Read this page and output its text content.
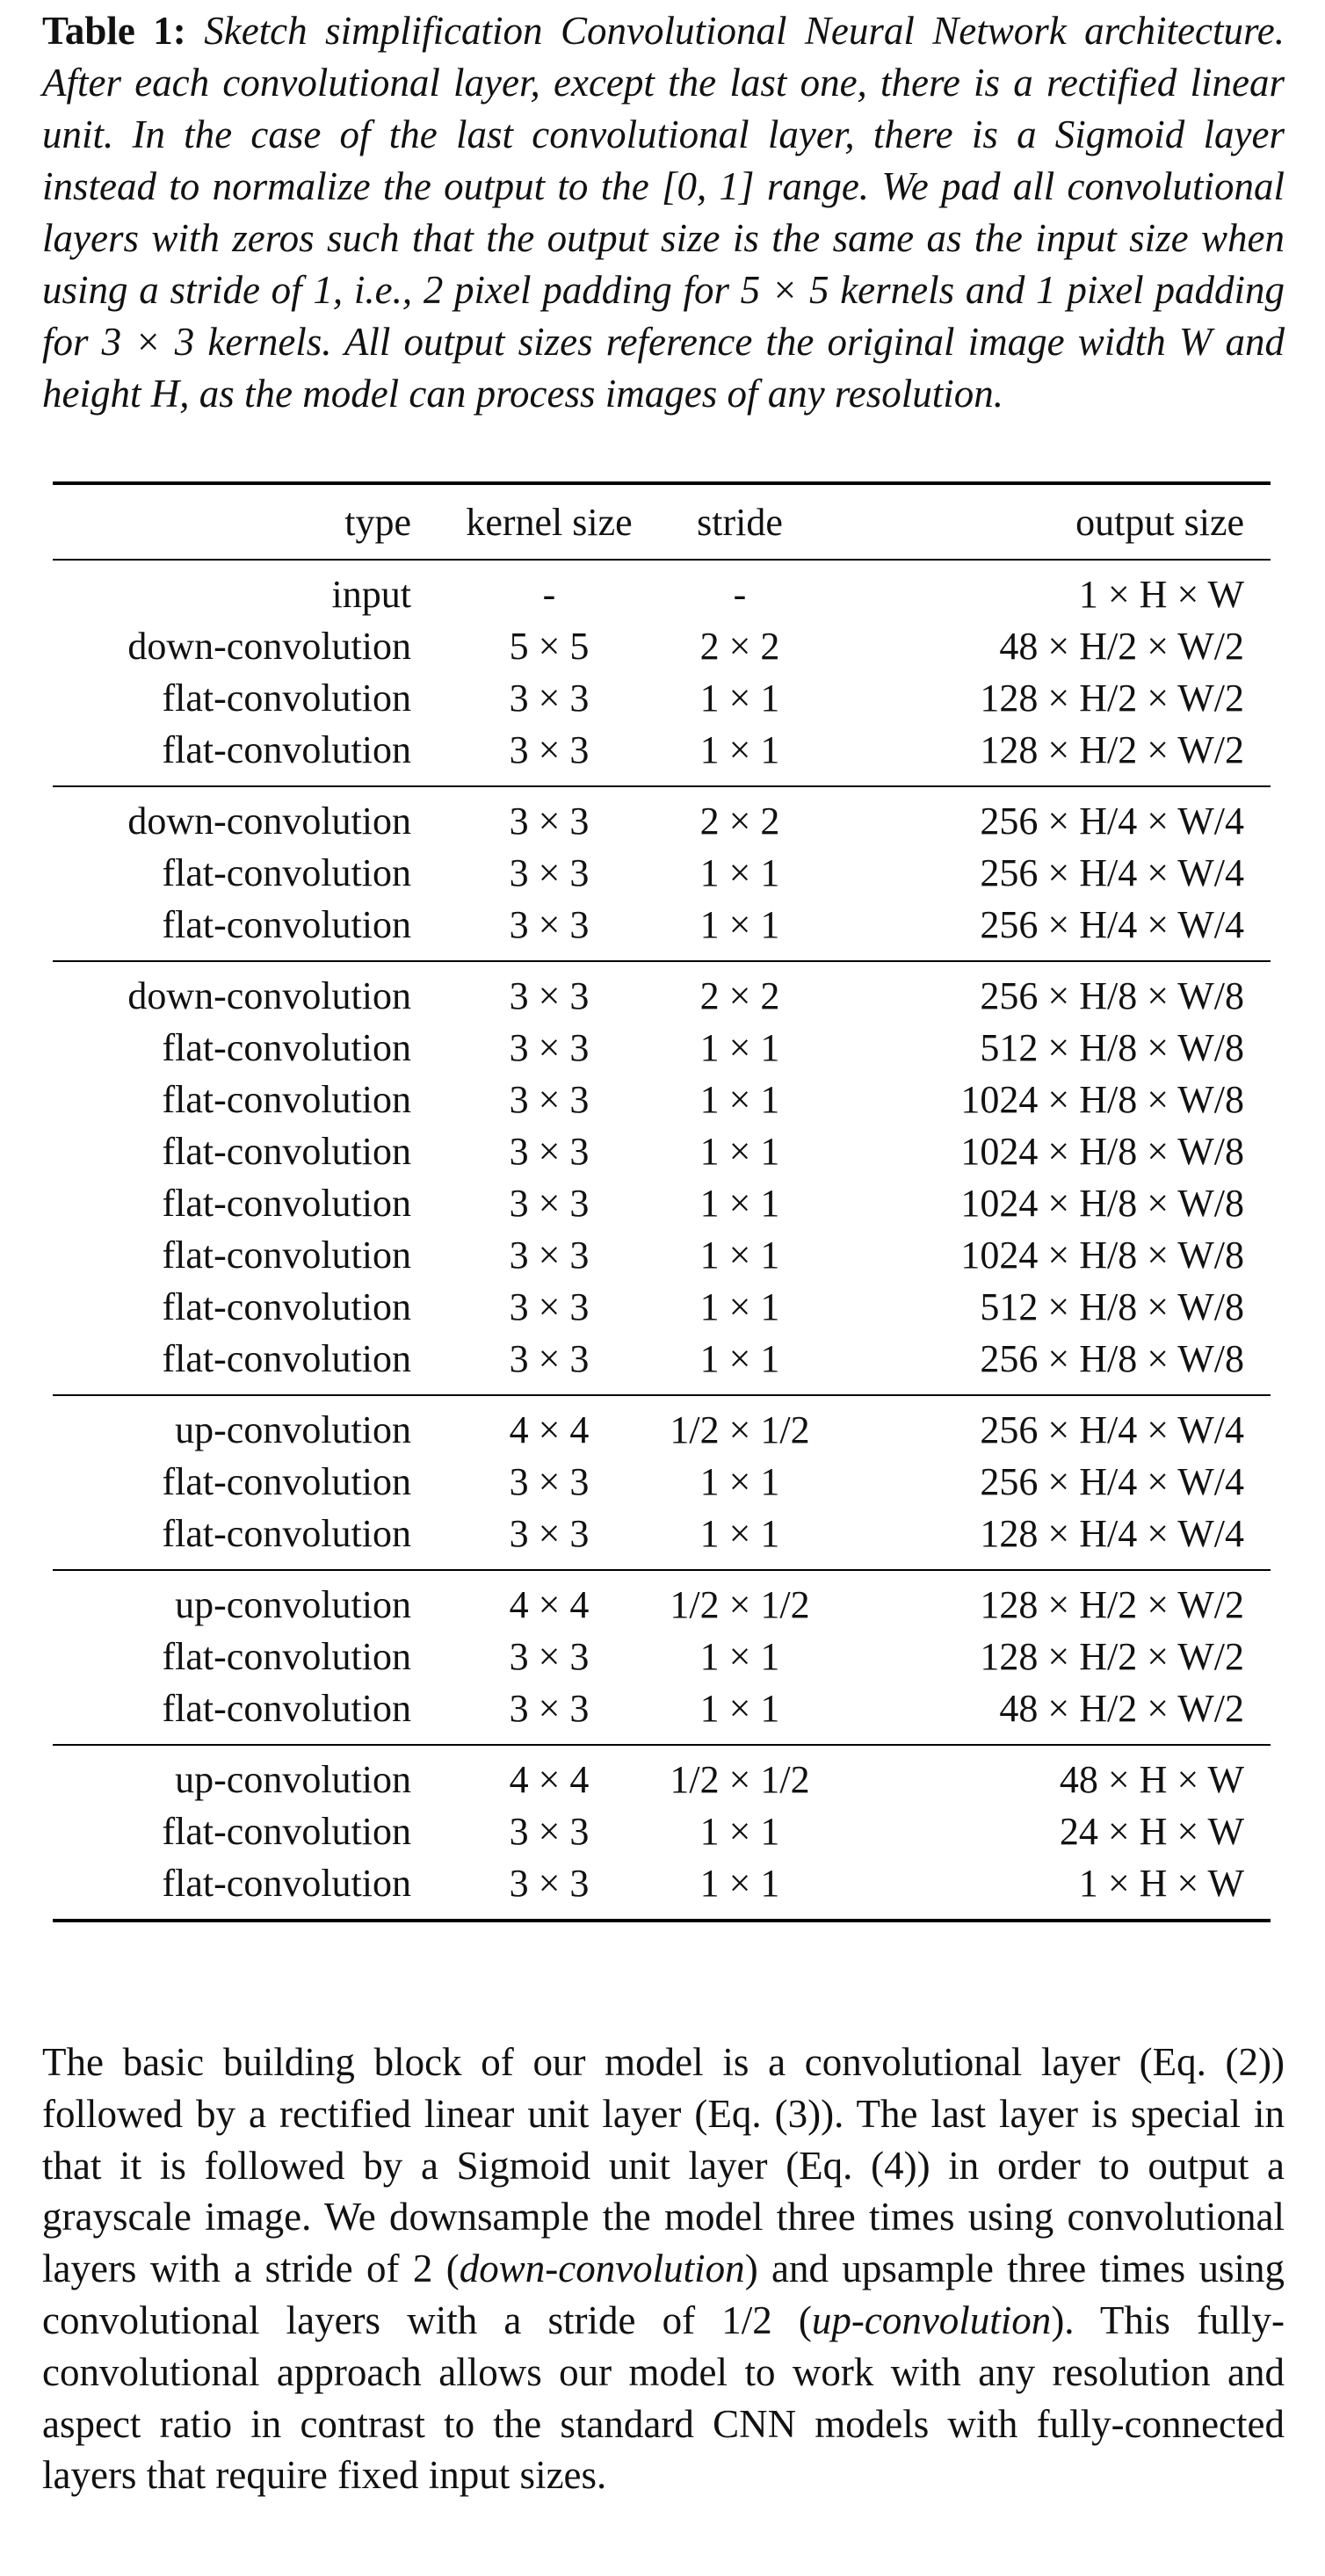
Table 1: Sketch simplification Convolutional Neural Network architecture. After each convolutional layer, except the last one, there is a rectified linear unit. In the case of the last convolutional layer, there is a Sigmoid layer instead to normalize the output to the [0, 1] range. We pad all convolutional layers with zeros such that the output size is the same as the input size when using a stride of 1, i.e., 2 pixel padding for 5 × 5 kernels and 1 pixel padding for 3 × 3 kernels. All output sizes reference the original image width W and height H, as the model can process images of any resolution.

type	kernel size	stride	output size
input	-	-	1 × H × W
down-convolution	5 × 5	2 × 2	48 × H/2 × W/2
flat-convolution	3 × 3	1 × 1	128 × H/2 × W/2
flat-convolution	3 × 3	1 × 1	128 × H/2 × W/2
down-convolution	3 × 3	2 × 2	256 × H/4 × W/4
flat-convolution	3 × 3	1 × 1	256 × H/4 × W/4
flat-convolution	3 × 3	1 × 1	256 × H/4 × W/4
down-convolution	3 × 3	2 × 2	256 × H/8 × W/8
flat-convolution	3 × 3	1 × 1	512 × H/8 × W/8
flat-convolution	3 × 3	1 × 1	1024 × H/8 × W/8
flat-convolution	3 × 3	1 × 1	1024 × H/8 × W/8
flat-convolution	3 × 3	1 × 1	1024 × H/8 × W/8
flat-convolution	3 × 3	1 × 1	1024 × H/8 × W/8
flat-convolution	3 × 3	1 × 1	512 × H/8 × W/8
flat-convolution	3 × 3	1 × 1	256 × H/8 × W/8
up-convolution	4 × 4	1/2 × 1/2	256 × H/4 × W/4
flat-convolution	3 × 3	1 × 1	256 × H/4 × W/4
flat-convolution	3 × 3	1 × 1	128 × H/4 × W/4
up-convolution	4 × 4	1/2 × 1/2	128 × H/2 × W/2
flat-convolution	3 × 3	1 × 1	128 × H/2 × W/2
flat-convolution	3 × 3	1 × 1	48 × H/2 × W/2
up-convolution	4 × 4	1/2 × 1/2	48 × H × W
flat-convolution	3 × 3	1 × 1	24 × H × W
flat-convolution	3 × 3	1 × 1	1 × H × W

The basic building block of our model is a convolutional layer (Eq. (2)) followed by a rectified linear unit layer (Eq. (3)). The last layer is special in that it is followed by a Sigmoid unit layer (Eq. (4)) in order to output a grayscale image. We downsample the model three times using convolutional layers with a stride of 2 (down-convolution) and upsample three times using convolutional layers with a stride of 1/2 (up-convolution). This fully-convolutional approach allows our model to work with any resolution and aspect ratio in contrast to the standard CNN models with fully-connected layers that require fixed input sizes.
